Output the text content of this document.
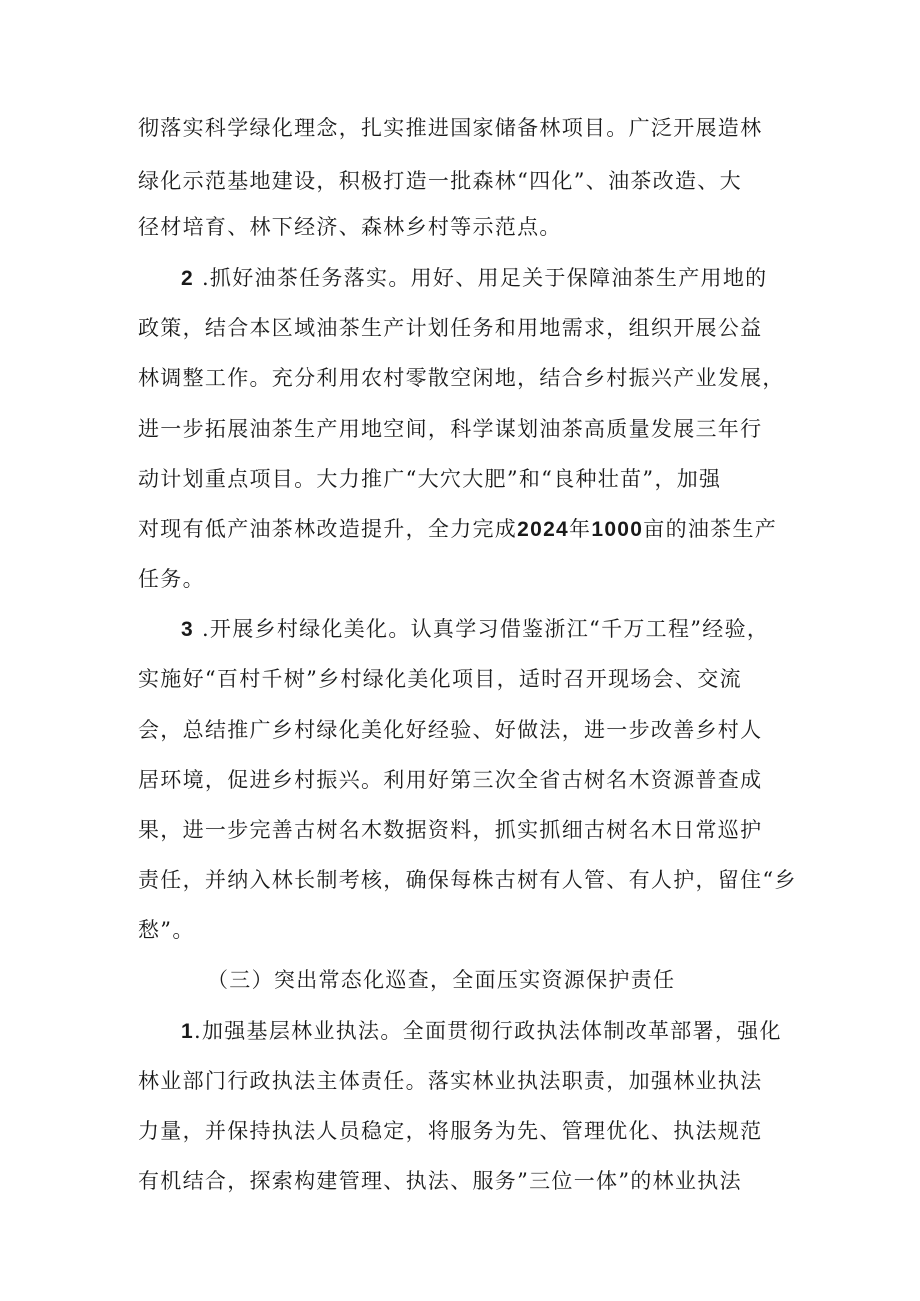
彻落实科学绿化理念，扎实推进国家储备林项目。广泛开展造林
绿化示范基地建设，积极打造一批森林“四化”、油茶改造、大
径材培育、林下经济、森林乡村等示范点。
2 .抓好油茶任务落实。用好、用足关于保障油茶生产用地的
政策，结合本区域油茶生产计划任务和用地需求，组织开展公益
林调整工作。充分利用农村零散空闲地，结合乡村振兴产业发展，
进一步拓展油茶生产用地空间，科学谋划油茶高质量发展三年行
动计划重点项目。大力推广“大穴大肥”和“良种壮苗”，加强
对现有低产油茶林改造提升，全力完成2024年1000亩的油茶生产
任务。
3 .开展乡村绿化美化。认真学习借鉴浙江“千万工程”经验，
实施好“百村千树”乡村绿化美化项目，适时召开现场会、交流
会，总结推广乡村绿化美化好经验、好做法，进一步改善乡村人
居环境，促进乡村振兴。利用好第三次全省古树名木资源普查成
果，进一步完善古树名木数据资料，抓实抓细古树名木日常巡护
责任，并纳入林长制考核，确保每株古树有人管、有人护，留住“乡
愁”。
（三）突出常态化巡查，全面压实资源保护责任
1.加强基层林业执法。全面贯彻行政执法体制改革部署，强化
林业部门行政执法主体责任。落实林业执法职责，加强林业执法
力量，并保持执法人员稳定，将服务为先、管理优化、执法规范
有机结合，探索构建管理、执法、服务”三位一体”的林业执法
